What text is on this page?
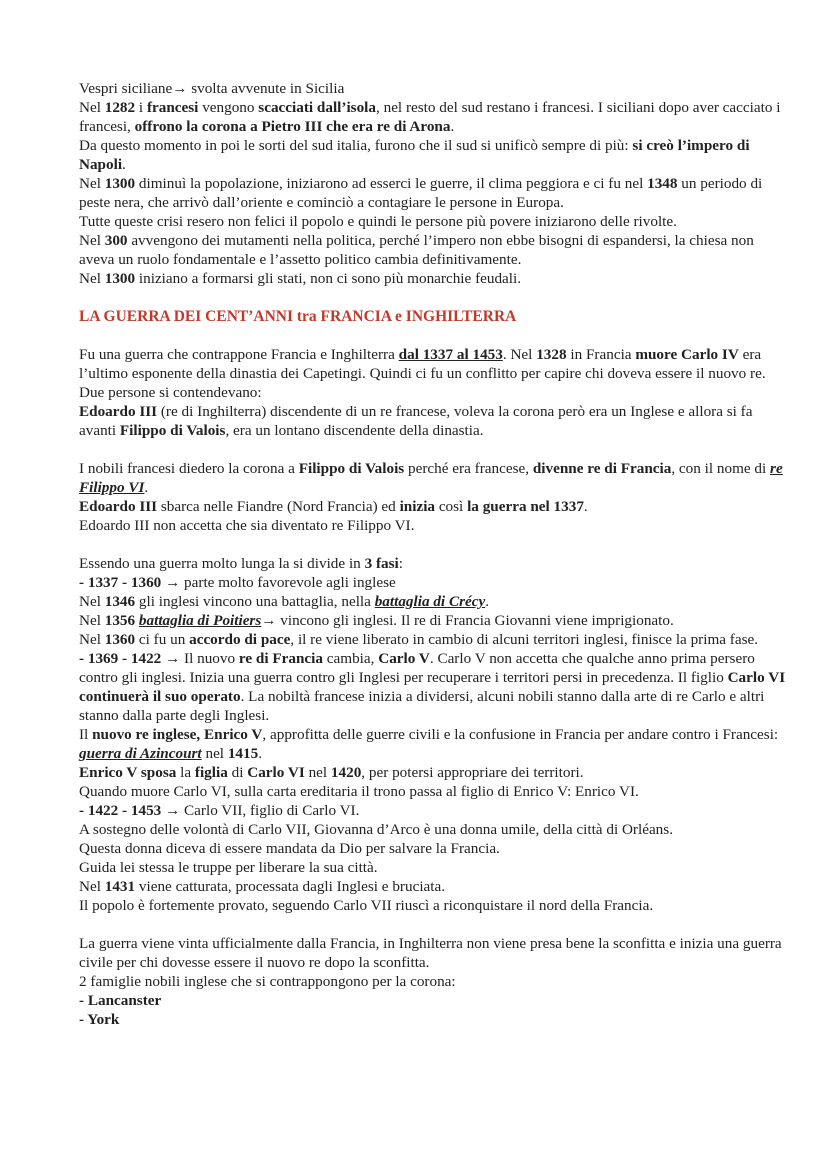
Vespri siciliane→ svolta avvenute in Sicilia

Nel 1282 i francesi vengono scacciati dall’isola, nel resto del sud restano i francesi. I siciliani dopo aver cacciato i francesi, offrono la corona a Pietro III che era re di Arona.

Da questo momento in poi le sorti del sud italia, furono che il sud si unificò sempre di più: si creò l’impero di Napoli.

Nel 1300 diminuì la popolazione, iniziarono ad esserci le guerre, il clima peggiora e ci fu nel 1348 un periodo di peste nera, che arrivò dall’oriente e cominciò a contagiare le persone in Europa.

Tutte queste crisi resero non felici il popolo e quindi le persone più povere iniziarono delle rivolte.

Nel 300 avvengono dei mutamenti nella politica, perché l’impero non ebbe bisogni di espandersi, la chiesa non aveva un ruolo fondamentale e l’assetto politico cambia definitivamente.

Nel 1300 iniziano a formarsi gli stati, non ci sono più monarchie feudali.

LA GUERRA DEI CENT’ANNI tra FRANCIA e INGHILTERRA

Fu una guerra che contrappone Francia e Inghilterra dal 1337 al 1453. Nel 1328 in Francia muore Carlo IV era l’ultimo esponente della dinastia dei Capetingi. Quindi ci fu un conflitto per capire chi doveva essere il nuovo re.

Due persone si contendevano:

Edoardo III (re di Inghilterra) discendente di un re francese, voleva la corona però era un Inglese e allora si fa avanti Filippo di Valois, era un lontano discendente della dinastia.

I nobili francesi diedero la corona a Filippo di Valois perché era francese, divenne re di Francia, con il nome di re Filippo VI.

Edoardo III sbarca nelle Fiandre (Nord Francia) ed inizia così la guerra nel 1337.

Edoardo III non accetta che sia diventato re Filippo VI.

Essendo una guerra molto lunga la si divide in 3 fasi:

- 1337 - 1360 → parte molto favorevole agli inglese

Nel 1346 gli inglesi vincono una battaglia, nella battaglia di Crécy.

Nel 1356 battaglia di Poitiers→ vincono gli inglesi. Il re di Francia Giovanni viene imprigionato.

Nel 1360 ci fu un accordo di pace, il re viene liberato in cambio di alcuni territori inglesi, finisce la prima fase.

- 1369 - 1422 → Il nuovo re di Francia cambia, Carlo V. Carlo V non accetta che qualche anno prima persero contro gli inglesi. Inizia una guerra contro gli Inglesi per recuperare i territori persi in precedenza. Il figlio Carlo VI continuerà il suo operato. La nobiltà francese inizia a dividersi, alcuni nobili stanno dalla arte di re Carlo e altri stanno dalla parte degli Inglesi.

Il nuovo re inglese, Enrico V, approfitta delle guerre civili e la confusione in Francia per andare contro i Francesi: guerra di Azincourt nel 1415.

Enrico V sposa la figlia di Carlo VI nel 1420, per potersi appropriare dei territori.

Quando muore Carlo VI, sulla carta ereditaria il trono passa al figlio di Enrico V: Enrico VI.

- 1422 - 1453 → Carlo VII, figlio di Carlo VI.

A sostegno delle volontà di Carlo VII, Giovanna d’Arco è una donna umile, della città di Orléans.

Questa donna diceva di essere mandata da Dio per salvare la Francia.

Guida lei stessa le truppe per liberare la sua città.

Nel 1431 viene catturata, processata dagli Inglesi e bruciata.

Il popolo è fortemente provato, seguendo Carlo VII riuscì a riconquistare il nord della Francia.

La guerra viene vinta ufficialmente dalla Francia, in Inghilterra non viene presa bene la sconfitta e inizia una guerra civile per chi dovesse essere il nuovo re dopo la sconfitta.

2 famiglie nobili inglese che si contrappongono per la corona:

- Lancanster

- York
